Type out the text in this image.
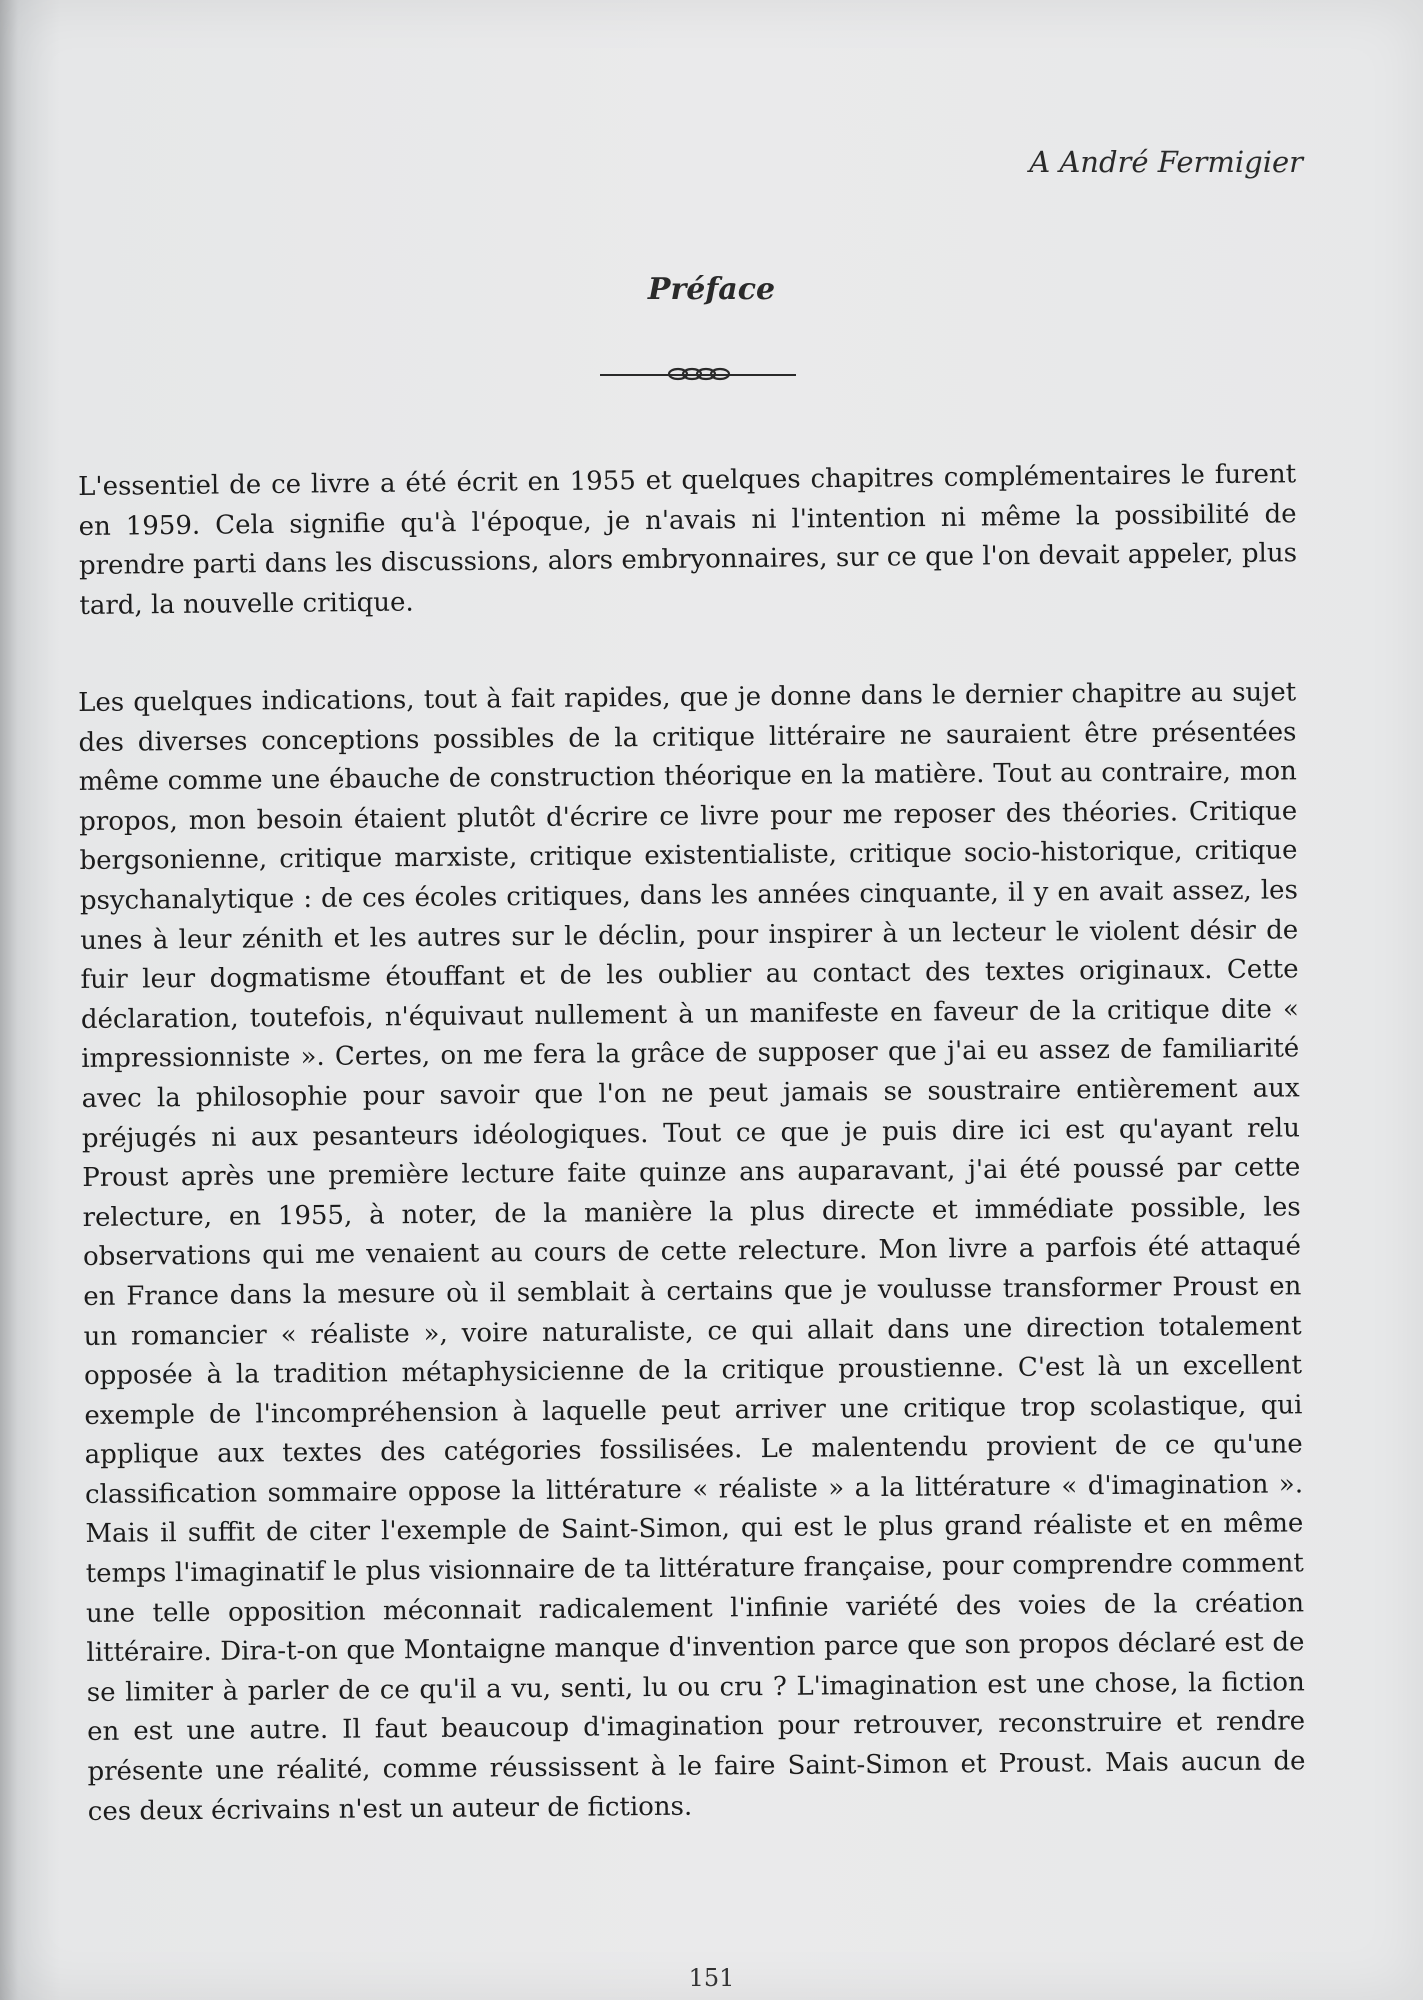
A André Fermigier

Préface

L'essentiel de ce livre a été écrit en 1955 et quelques chapitres complémentaires le furent en 1959. Cela signifie qu'à l'époque, je n'avais ni l'intention ni même la possibilité de prendre parti dans les discussions, alors embryonnaires, sur ce que l'on devait appeler, plus tard, la nouvelle critique.

Les quelques indications, tout à fait rapides, que je donne dans le dernier chapitre au sujet des diverses conceptions possibles de la critique littéraire ne sauraient être présentées même comme une ébauche de construction théorique en la matière. Tout au contraire, mon propos, mon besoin étaient plutôt d'écrire ce livre pour me reposer des théories. Critique bergsonienne, critique marxiste, critique existentialiste, critique socio-historique, critique psychanalytique : de ces écoles critiques, dans les années cinquante, il y en avait assez, les unes à leur zénith et les autres sur le déclin, pour inspirer à un lecteur le violent désir de fuir leur dogmatisme étouffant et de les oublier au contact des textes originaux. Cette déclaration, toutefois, n'équivaut nullement à un manifeste en faveur de la critique dite « impressionniste ». Certes, on me fera la grâce de supposer que j'ai eu assez de familiarité avec la philosophie pour savoir que l'on ne peut jamais se soustraire entièrement aux préjugés ni aux pesanteurs idéologiques. Tout ce que je puis dire ici est qu'ayant relu Proust après une première lecture faite quinze ans auparavant, j'ai été poussé par cette relecture, en 1955, à noter, de la manière la plus directe et immédiate possible, les observations qui me venaient au cours de cette relecture. Mon livre a parfois été attaqué en France dans la mesure où il semblait à certains que je voulusse transformer Proust en un romancier « réaliste », voire naturaliste, ce qui allait dans une direction totalement opposée à la tradition métaphysicienne de la critique proustienne. C'est là un excellent exemple de l'incompréhension à laquelle peut arriver une critique trop scolastique, qui applique aux textes des catégories fossilisées. Le malentendu provient de ce qu'une classification sommaire oppose la littérature « réaliste » a la littérature « d'imagination ». Mais il suffit de citer l'exemple de Saint-Simon, qui est le plus grand réaliste et en même temps l'imaginatif le plus visionnaire de ta littérature française, pour comprendre comment une telle opposition méconnait radicalement l'infinie variété des voies de la création littéraire. Dira-t-on que Montaigne manque d'invention parce que son propos déclaré est de se limiter à parler de ce qu'il a vu, senti, lu ou cru ? L'imagination est une chose, la fiction en est une autre. Il faut beaucoup d'imagination pour retrouver, reconstruire et rendre présente une réalité, comme réussissent à le faire Saint-Simon et Proust. Mais aucun de ces deux écrivains n'est un auteur de fictions.

151
